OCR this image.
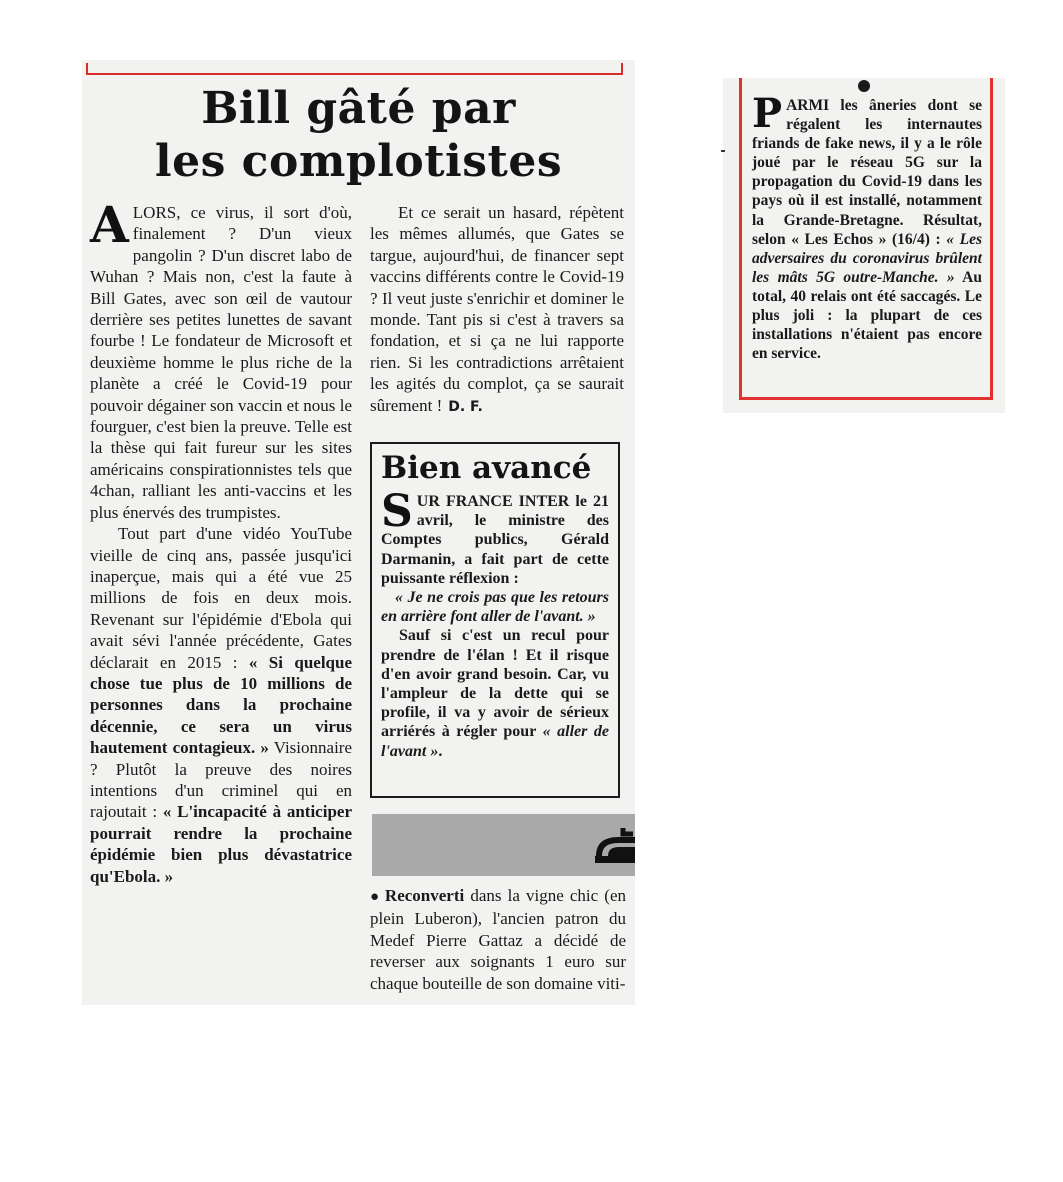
Bill gâté par
les complotistes

ALORS, ce virus, il sort d'où, finalement ? D'un vieux pangolin ? D'un discret labo de Wuhan ? Mais non, c'est la faute à Bill Gates, avec son œil de vautour derrière ses petites lunettes de savant fourbe ! Le fondateur de Microsoft et deuxième homme le plus riche de la planète a créé le Covid-19 pour pouvoir dégainer son vaccin et nous le fourguer, c'est bien la preuve. Telle est la thèse qui fait fureur sur les sites américains conspirationnistes tels que 4chan, ralliant les anti-vaccins et les plus énervés des trumpistes.

Tout part d'une vidéo YouTube vieille de cinq ans, passée jusqu'ici inaperçue, mais qui a été vue 25 millions de fois en deux mois. Revenant sur l'épidémie d'Ebola qui avait sévi l'année précédente, Gates déclarait en 2015 : « Si quelque chose tue plus de 10 millions de personnes dans la prochaine décennie, ce sera un virus hautement contagieux. » Visionnaire ? Plutôt la preuve des noires intentions d'un criminel qui en rajoutait : « L'incapacité à anticiper pourrait rendre la prochaine épidémie bien plus dévastatrice qu'Ebola. »

Et ce serait un hasard, répètent les mêmes allumés, que Gates se targue, aujourd'hui, de financer sept vaccins différents contre le Covid-19 ? Il veut juste s'enrichir et dominer le monde. Tant pis si c'est à travers sa fondation, et si ça ne lui rapporte rien. Si les contradictions arrêtaient les agités du complot, ça se saurait sûrement ! D. F.

Bien avancé

SUR FRANCE INTER le 21 avril, le ministre des Comptes publics, Gérald Darmanin, a fait part de cette puissante réflexion :

« Je ne crois pas que les retours en arrière font aller de l'avant. »

Sauf si c'est un recul pour prendre de l'élan ! Et il risque d'en avoir grand besoin. Car, vu l'ampleur de la dette qui se profile, il va y avoir de sérieux arriérés à régler pour « aller de l'avant ».

● Reconverti dans la vigne chic (en plein Luberon), l'ancien patron du Medef Pierre Gattaz a décidé de reverser aux soignants 1 euro sur chaque bouteille de son domaine viti-

PARMI les âneries dont se régalent les internautes friands de fake news, il y a le rôle joué par le réseau 5G sur la propagation du Covid-19 dans les pays où il est installé, notamment la Grande-Bretagne. Résultat, selon « Les Echos » (16/4) : « Les adversaires du coronavirus brûlent les mâts 5G outre-Manche. » Au total, 40 relais ont été saccagés. Le plus joli : la plupart de ces installations n'étaient pas encore en service.
